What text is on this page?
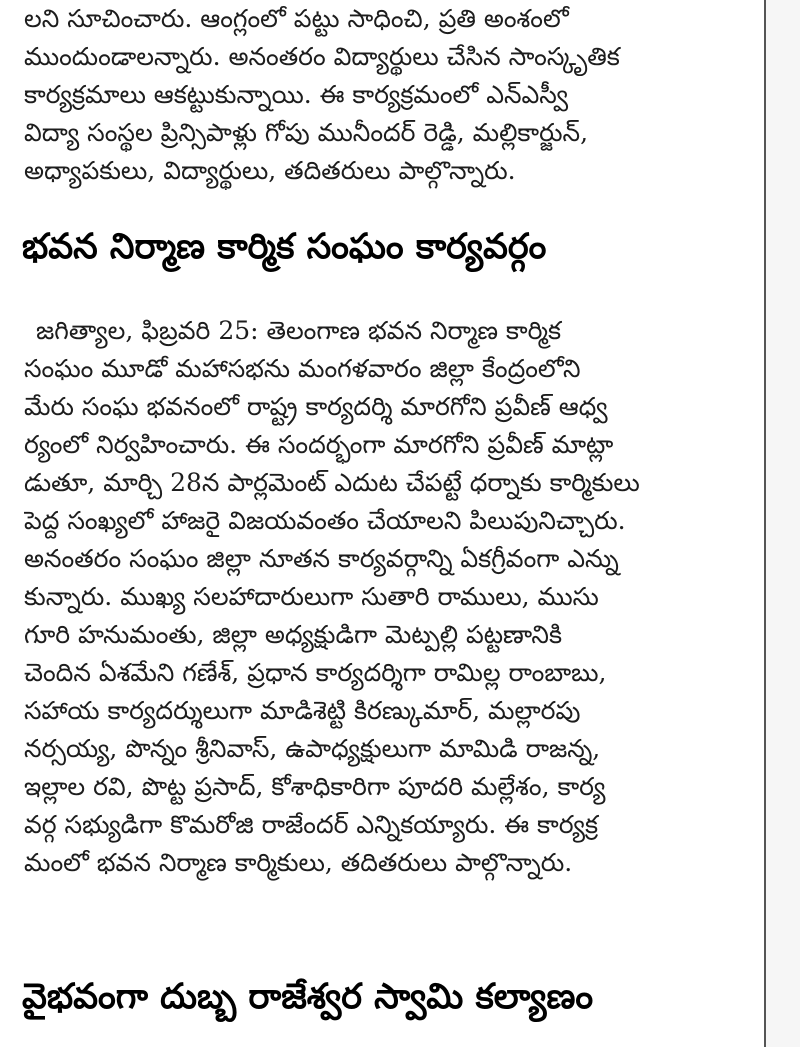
లని సూచించారు. ఆంగ్లంలో పట్టు సాధించి, ప్రతి అంశంలో
ముందుండాలన్నారు. అనంతరం విద్యార్థులు చేసిన సాంస్కృతిక
కార్యక్రమాలు ఆకట్టుకున్నాయి. ఈ కార్యక్రమంలో ఎన్ఎస్వీ
విద్యా సంస్థల ప్రిన్సిపాళ్లు గోపు మునీందర్ రెడ్డి, మల్లికార్జున్,
అధ్యాపకులు, విద్యార్థులు, తదితరులు పాల్గొన్నారు.
భవన నిర్మాణ కార్మిక సంఘం కార్యవర్గం
జగిత్యాల, ఫిబ్రవరి 25: తెలంగాణ భవన నిర్మాణ కార్మిక
సంఘం మూడో మహాసభను మంగళవారం జిల్లా కేంద్రంలోని
మేరు సంఘ భవనంలో రాష్ట్ర కార్యదర్శి మారగోని ప్రవీణ్ ఆధ్వ
ర్యంలో నిర్వహించారు. ఈ సందర్భంగా మారగోని ప్రవీణ్ మాట్లా
డుతూ, మార్చి 28న పార్లమెంట్ ఎదుట చేపట్టే ధర్నాకు కార్మికులు
పెద్ద సంఖ్యలో హాజరై విజయవంతం చేయాలని పిలుపునిచ్చారు.
అనంతరం సంఘం జిల్లా నూతన కార్యవర్గాన్ని ఏకగ్రీవంగా ఎన్ను
కున్నారు. ముఖ్య సలహాదారులుగా సుతారి రాములు, ముసు
గూరి హనుమంతు, జిల్లా అధ్యక్షుడిగా మెట్పల్లి పట్టణానికి
చెందిన ఏశమేని గణేశ్, ప్రధాన కార్యదర్శిగా రామిల్ల రాంబాబు,
సహాయ కార్యదర్శులుగా మాడిశెట్టి కిరణ్కుమార్, మల్లారపు
నర్సయ్య, పొన్నం శ్రీనివాస్, ఉపాధ్యక్షులుగా మామిడి రాజన్న,
ఇల్లాల రవి, పొట్ట ప్రసాద్, కోశాధికారిగా పూదరి మల్లేశం, కార్య
వర్గ సభ్యుడిగా కొమరోజి రాజేందర్ ఎన్నికయ్యారు. ఈ కార్యక్ర
మంలో భవన నిర్మాణ కార్మికులు, తదితరులు పాల్గొన్నారు.
వైభవంగా దుబ్బ రాజేశ్వర స్వామి కల్యాణం
